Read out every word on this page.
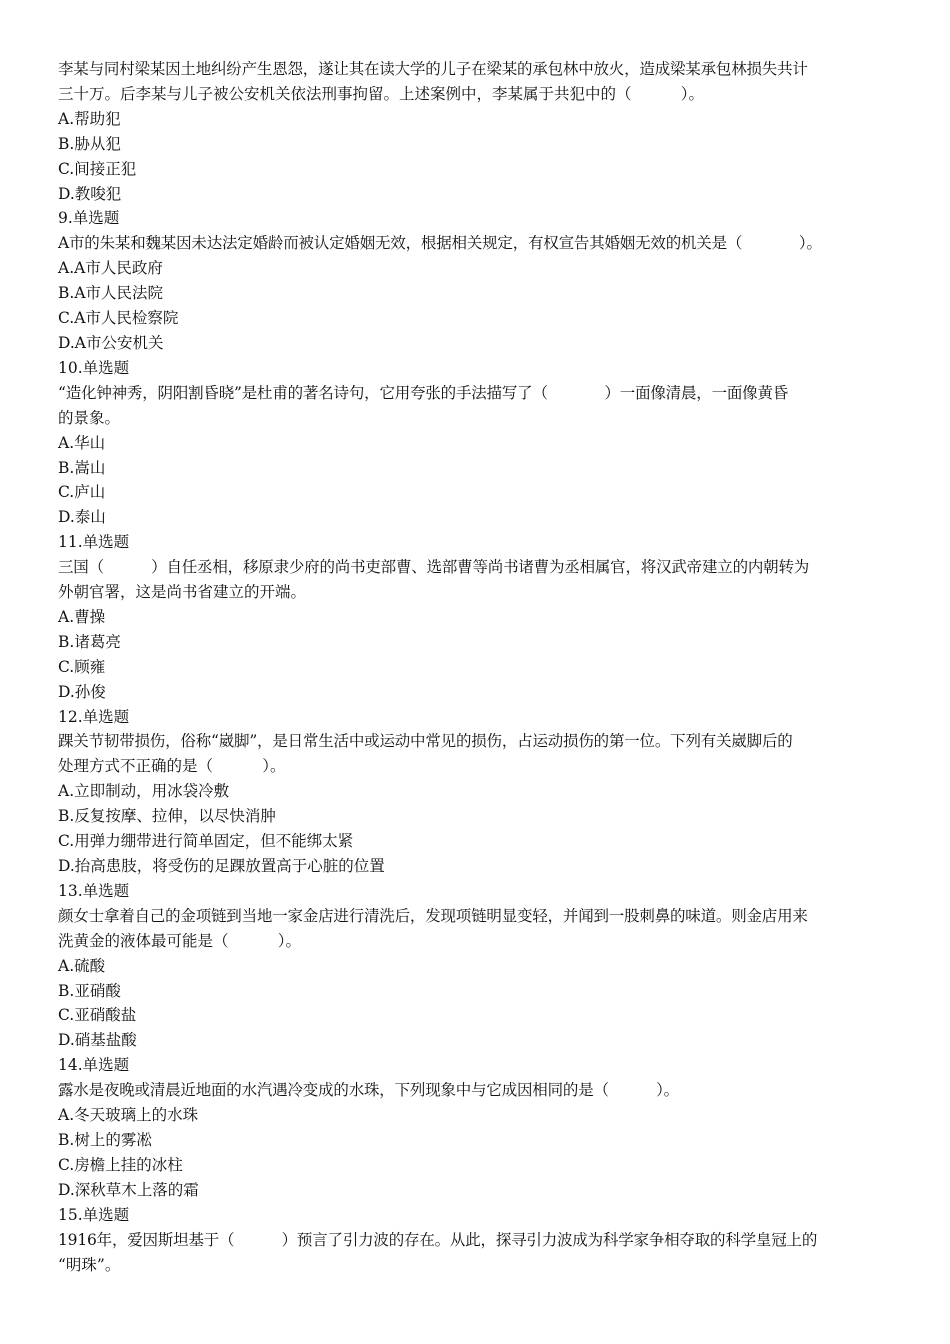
李某与同村梁某因土地纠纷产生恩怨，遂让其在读大学的儿子在梁某的承包林中放火，造成梁某承包林损失共计

三十万。后李某与儿子被公安机关依法刑事拘留。上述案例中，李某属于共犯中的（          ）。

A.帮助犯

B.胁从犯

C.间接正犯

D.教唆犯

9.单选题

A市的朱某和魏某因未达法定婚龄而被认定婚姻无效，根据相关规定，有权宣告其婚姻无效的机关是（            ）。

A.A市人民政府

B.A市人民法院

C.A市人民检察院

D.A市公安机关

10.单选题

“造化钟神秀，阴阳割昏晓”是杜甫的著名诗句，它用夸张的手法描写了（            ）一面像清晨，一面像黄昏

的景象。

A.华山

B.嵩山

C.庐山

D.泰山

11.单选题

三国（          ）自任丞相，移原隶少府的尚书吏部曹、选部曹等尚书诸曹为丞相属官，将汉武帝建立的内朝转为

外朝官署，这是尚书省建立的开端。

A.曹操

B.诸葛亮

C.顾雍

D.孙俊

12.单选题

踝关节韧带损伤，俗称“崴脚”，是日常生活中或运动中常见的损伤，占运动损伤的第一位。下列有关崴脚后的

处理方式不正确的是（          ）。

A.立即制动，用冰袋冷敷

B.反复按摩、拉伸，以尽快消肿

C.用弹力绷带进行简单固定，但不能绑太紧

D.抬高患肢，将受伤的足踝放置高于心脏的位置

13.单选题

颜女士拿着自己的金项链到当地一家金店进行清洗后，发现项链明显变轻，并闻到一股刺鼻的味道。则金店用来

洗黄金的液体最可能是（          ）。

A.硫酸

B.亚硝酸

C.亚硝酸盐

D.硝基盐酸

14.单选题

露水是夜晚或清晨近地面的水汽遇冷变成的水珠，下列现象中与它成因相同的是（          ）。

A.冬天玻璃上的水珠

B.树上的雾凇

C.房檐上挂的冰柱

D.深秋草木上落的霜

15.单选题

1916年，爱因斯坦基于（          ）预言了引力波的存在。从此，探寻引力波成为科学家争相夺取的科学皇冠上的

“明珠”。
